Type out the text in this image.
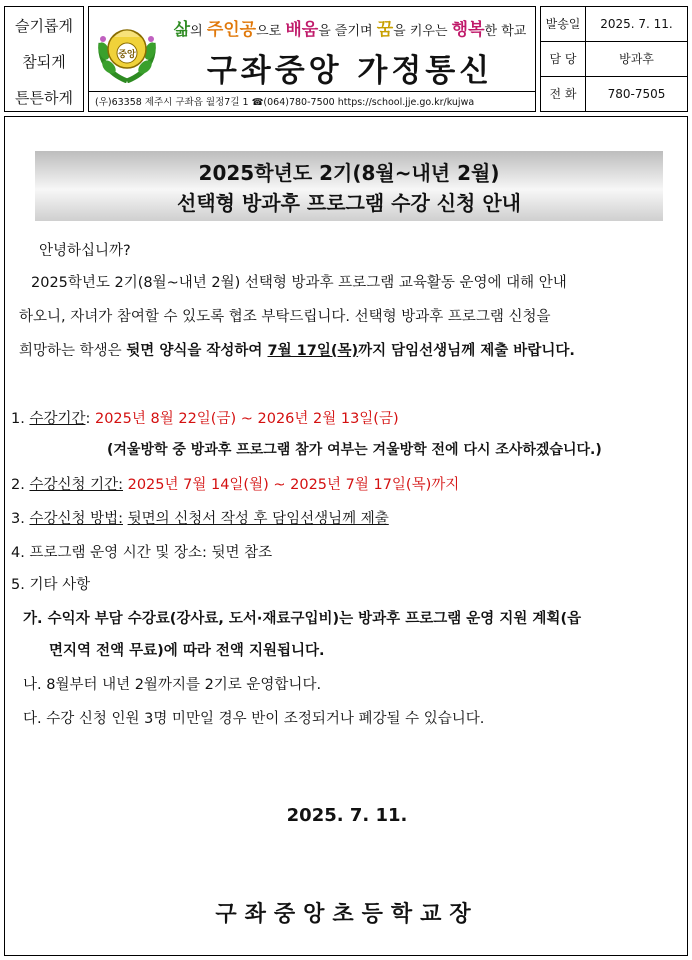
슬기롭게
참되게
튼튼하게
중앙
삶의 주인공으로 배움을 즐기며 꿈을 키우는 행복한 학교
구좌중앙 가정통신
(우)63358 제주시 구좌읍 월정7길 1 ☎(064)780-7500 https://school.jje.go.kr/kujwa
발송일	2025. 7. 11.
담 당	방과후
전 화	780-7505
2025학년도 2기(8월~내년 2월)
선택형 방과후 프로그램 수강 신청 안내
안녕하십니까?
2025학년도 2기(8월~내년 2월) 선택형 방과후 프로그램 교육활동 운영에 대해 안내
하오니, 자녀가 참여할 수 있도록 협조 부탁드립니다. 선택형 방과후 프로그램 신청을
희망하는 학생은 뒷면 양식을 작성하여 7월 17일(목)까지 담임선생님께 제출 바랍니다.
1. 수강기간: 2025년 8월 22일(금) ~ 2026년 2월 13일(금)
(겨울방학 중 방과후 프로그램 참가 여부는 겨울방학 전에 다시 조사하겠습니다.)
2. 수강신청 기간: 2025년 7월 14일(월) ~ 2025년 7월 17일(목)까지
3. 수강신청 방법: 뒷면의 신청서 작성 후 담임선생님께 제출
4. 프로그램 운영 시간 및 장소: 뒷면 참조
5. 기타 사항
가. 수익자 부담 수강료(강사료, 도서·재료구입비)는 방과후 프로그램 운영 지원 계획(읍
면지역 전액 무료)에 따라 전액 지원됩니다.
나. 8월부터 내년 2월까지를 2기로 운영합니다.
다. 수강 신청 인원 3명 미만일 경우 반이 조정되거나 폐강될 수 있습니다.
2025. 7. 11.
구좌중앙초등학교장
